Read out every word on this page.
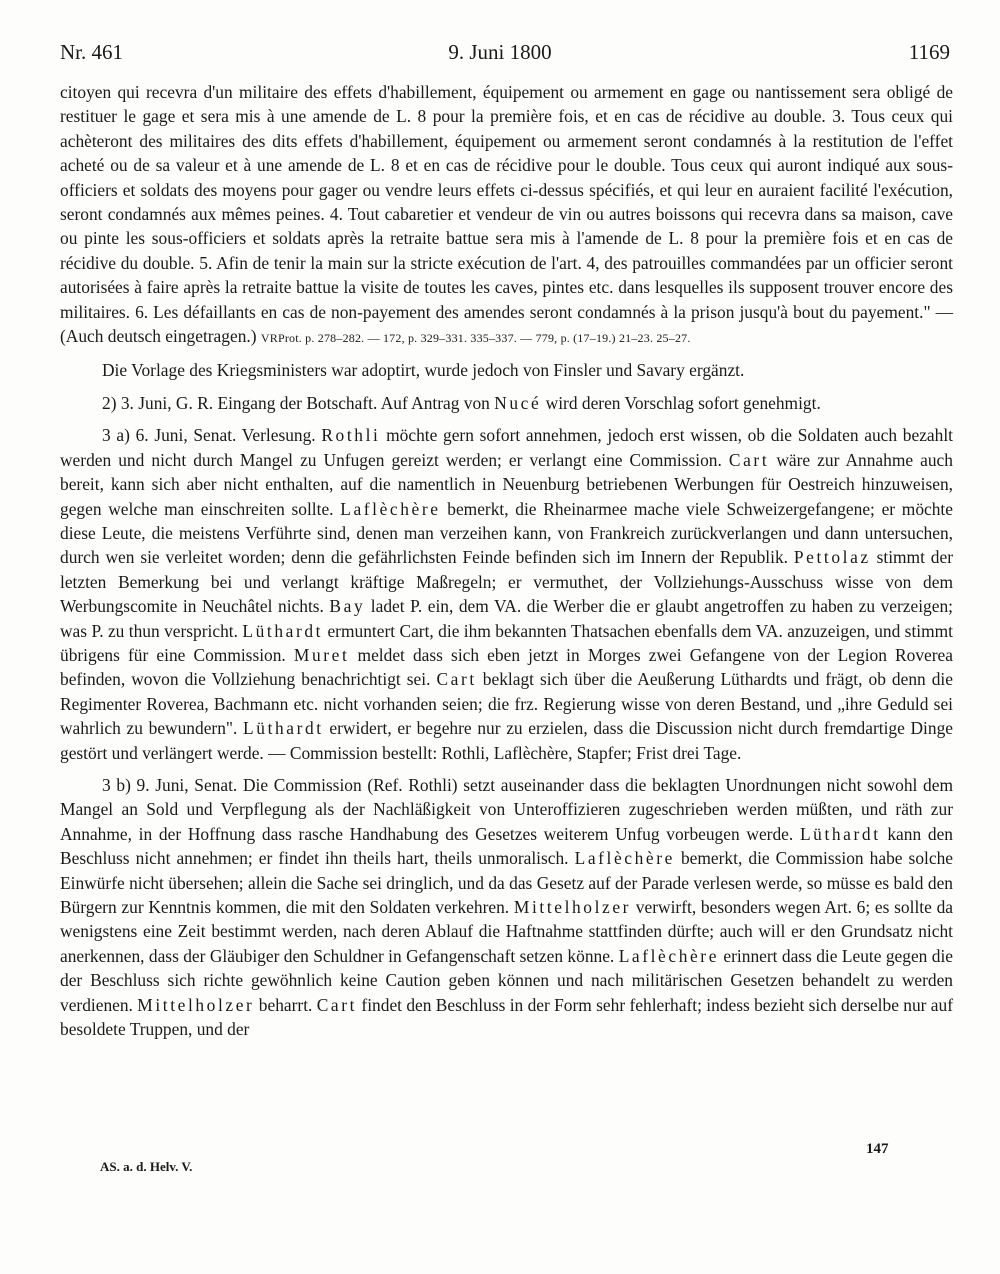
Nr. 461	9. Juni 1800	1169

citoyen qui recevra d'un militaire des effets d'habillement, équipement ou armement en gage ou nantissement sera obligé de restituer le gage et sera mis à une amende de L. 8 pour la première fois, et en cas de récidive au double. 3. Tous ceux qui achèteront des militaires des dits effets d'habillement, équipement ou armement seront condamnés à la restitution de l'effet acheté ou de sa valeur et à une amende de L. 8 et en cas de récidive pour le double. Tous ceux qui auront indiqué aux sous-officiers et soldats des moyens pour gager ou vendre leurs effets ci-dessus spécifiés, et qui leur en auraient facilité l'exécution, seront condamnés aux mêmes peines. 4. Tout cabaretier et vendeur de vin ou autres boissons qui recevra dans sa maison, cave ou pinte les sous-officiers et soldats après la retraite battue sera mis à l'amende de L. 8 pour la première fois et en cas de récidive du double. 5. Afin de tenir la main sur la stricte exécution de l'art. 4, des patrouilles commandées par un officier seront autorisées à faire après la retraite battue la visite de toutes les caves, pintes etc. dans lesquelles ils supposent trouver encore des militaires. 6. Les défaillants en cas de non-payement des amendes seront condamnés à la prison jusqu'à bout du payement." — (Auch deutsch eingetragen.) VRProt. p. 278–282. — 172, p. 329–331. 335–337. — 779, p. (17–19.) 21–23. 25–27.

Die Vorlage des Kriegsministers war adoptirt, wurde jedoch von Finsler und Savary ergänzt.

2) 3. Juni, G. R. Eingang der Botschaft. Auf Antrag von Nucé wird deren Vorschlag sofort genehmigt.

3 a) 6. Juni, Senat. Verlesung. Rothli möchte gern sofort annehmen, jedoch erst wissen, ob die Soldaten auch bezahlt werden und nicht durch Mangel zu Unfugen gereizt werden; er verlangt eine Commission. Cart wäre zur Annahme auch bereit, kann sich aber nicht enthalten, auf die namentlich in Neuenburg betriebenen Werbungen für Oestreich hinzuweisen, gegen welche man einschreiten sollte. Laflèchère bemerkt, die Rheinarmee mache viele Schweizergefangene; er möchte diese Leute, die meistens Verführte sind, denen man verzeihen kann, von Frankreich zurückverlangen und dann untersuchen, durch wen sie verleitet worden; denn die gefährlichsten Feinde befinden sich im Innern der Republik. Pettolaz stimmt der letzten Bemerkung bei und verlangt kräftige Maßregeln; er vermuthet, der Vollziehungs-Ausschuss wisse von dem Werbungscomite in Neuchâtel nichts. Bay ladet P. ein, dem VA. die Werber die er glaubt angetroffen zu haben zu verzeigen; was P. zu thun verspricht. Lüthardt ermuntert Cart, die ihm bekannten Thatsachen ebenfalls dem VA. anzuzeigen, und stimmt übrigens für eine Commission. Muret meldet dass sich eben jetzt in Morges zwei Gefangene von der Legion Roverea befinden, wovon die Vollziehung benachrichtigt sei. Cart beklagt sich über die Aeußerung Lüthardts und frägt, ob denn die Regimenter Roverea, Bachmann etc. nicht vorhanden seien; die frz. Regierung wisse von deren Bestand, und „ihre Geduld sei wahrlich zu bewundern". Lüthardt erwidert, er begehre nur zu erzielen, dass die Discussion nicht durch fremdartige Dinge gestört und verlängert werde. — Commission bestellt: Rothli, Laflèchère, Stapfer; Frist drei Tage.

3 b) 9. Juni, Senat. Die Commission (Ref. Rothli) setzt auseinander dass die beklagten Unordnungen nicht sowohl dem Mangel an Sold und Verpflegung als der Nachläßigkeit von Unteroffizieren zugeschrieben werden müßten, und räth zur Annahme, in der Hoffnung dass rasche Handhabung des Gesetzes weiterem Unfug vorbeugen werde. Lüthardt kann den Beschluss nicht annehmen; er findet ihn theils hart, theils unmoralisch. Laflèchère bemerkt, die Commission habe solche Einwürfe nicht übersehen; allein die Sache sei dringlich, und da das Gesetz auf der Parade verlesen werde, so müsse es bald den Bürgern zur Kenntnis kommen, die mit den Soldaten verkehren. Mittelholzer verwirft, besonders wegen Art. 6; es sollte da wenigstens eine Zeit bestimmt werden, nach deren Ablauf die Haftnahme stattfinden dürfte; auch will er den Grundsatz nicht anerkennen, dass der Gläubiger den Schuldner in Gefangenschaft setzen könne. Laflèchère erinnert dass die Leute gegen die der Beschluss sich richte gewöhnlich keine Caution geben können und nach militärischen Gesetzen behandelt zu werden verdienen. Mittelholzer beharrt. Cart findet den Beschluss in der Form sehr fehlerhaft; indess bezieht sich derselbe nur auf besoldete Truppen, und der

147
AS. a. d. Helv. V.
